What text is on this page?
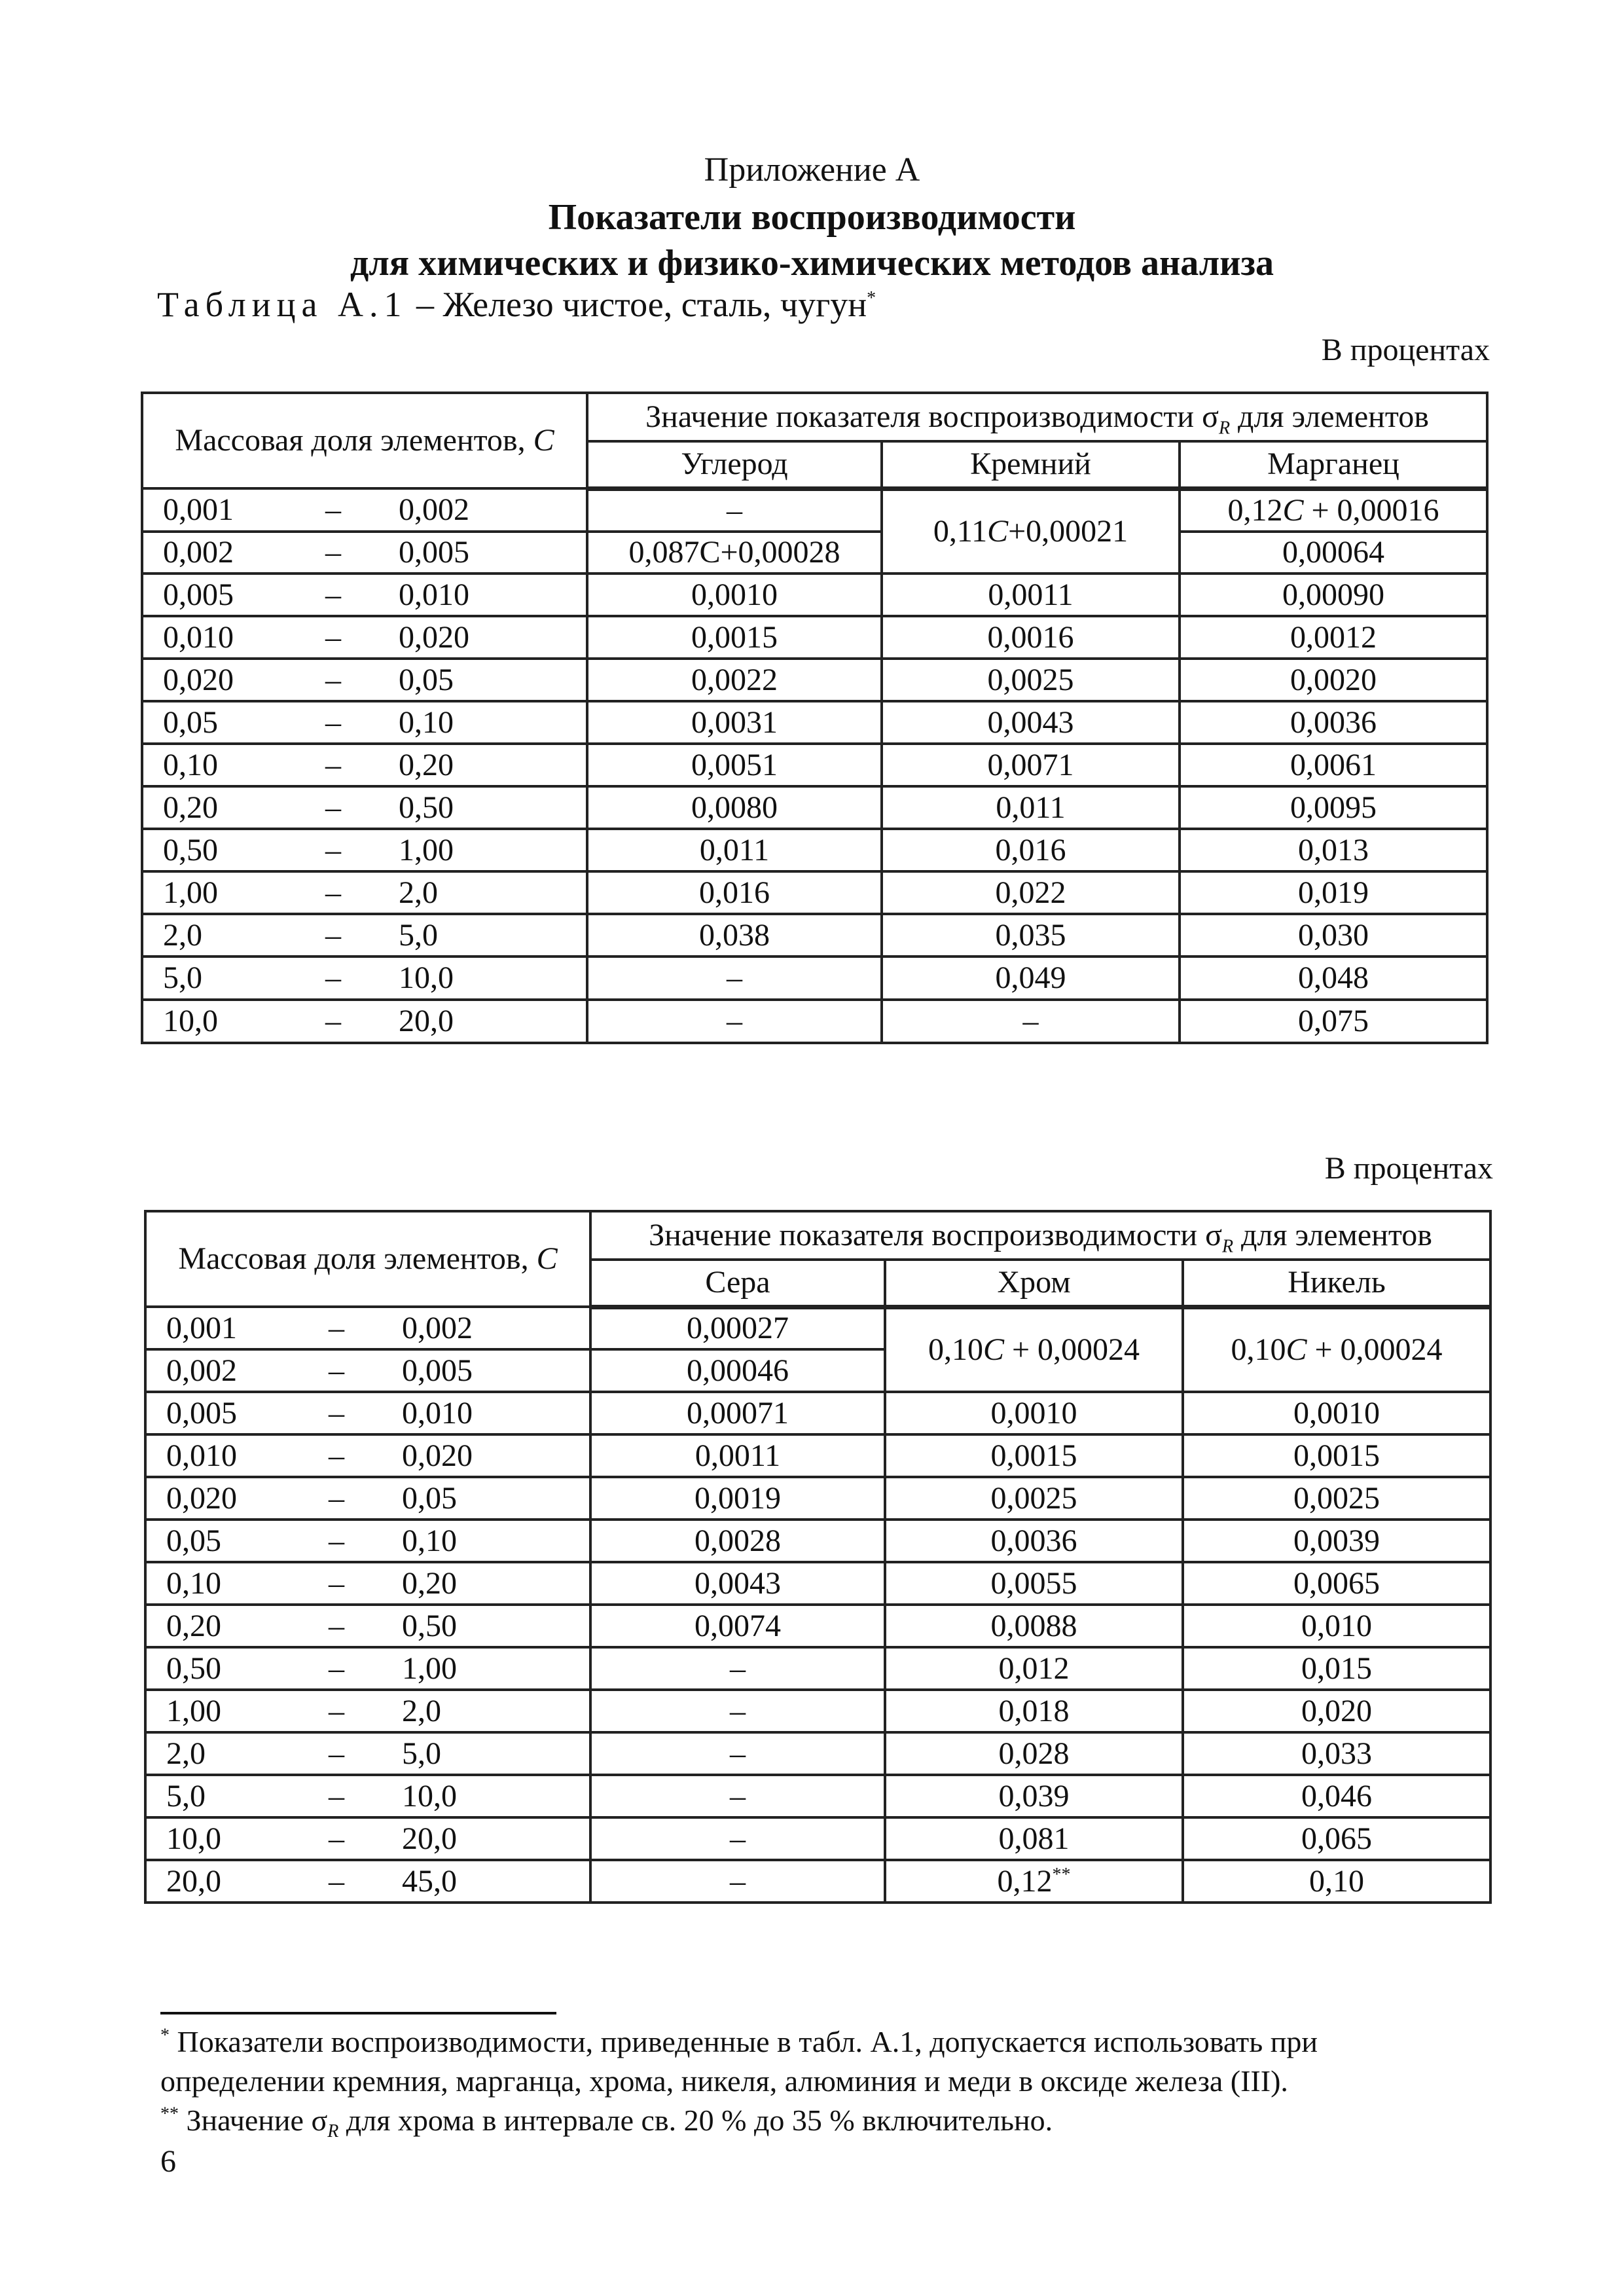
Приложение А
Показатели воспроизводимости
для химических и физико-химических методов анализа
Таблица А.1 – Железо чистое, сталь, чугун*
В процентах
Массовая доля элементов, C	Значение показателя воспроизводимости $\sigma_R$ для элементов		
	Углерод	Кремний	Марганец
0,001 – 0,002	–	0,11C+0,00021	0,12C + 0,00016
0,002 – 0,005	0,087C+0,00028		0,00064
0,005 – 0,010	0,0010	0,0011	0,00090
0,010 – 0,020	0,0015	0,0016	0,0012
0,020 – 0,05	0,0022	0,0025	0,0020
0,05 – 0,10	0,0031	0,0043	0,0036
0,10 – 0,20	0,0051	0,0071	0,0061
0,20 – 0,50	0,0080	0,011	0,0095
0,50 – 1,00	0,011	0,016	0,013
1,00 – 2,0	0,016	0,022	0,019
2,0 – 5,0	0,038	0,035	0,030
5,0 – 10,0	–	0,049	0,048
10,0 – 20,0	–	–	0,075
В процентах
Массовая доля элементов, C	Значение показателя воспроизводимости $\sigma_R$ для элементов		
	Сера	Хром	Никель
0,001 – 0,002	0,00027	0,10C + 0,00024	0,10C + 0,00024
0,002 – 0,005	0,00046		
0,005 – 0,010	0,00071	0,0010	0,0010
0,010 – 0,020	0,0011	0,0015	0,0015
0,020 – 0,05	0,0019	0,0025	0,0025
0,05 – 0,10	0,0028	0,0036	0,0039
0,10 – 0,20	0,0043	0,0055	0,0065
0,20 – 0,50	0,0074	0,0088	0,010
0,50 – 1,00	–	0,012	0,015
1,00 – 2,0	–	0,018	0,020
2,0 – 5,0	–	0,028	0,033
5,0 – 10,0	–	0,039	0,046
10,0 – 20,0	–	0,081	0,065
20,0 – 45,0	–	0,12**	0,10
* Показатели воспроизводимости, приведенные в табл. А.1, допускается использовать при
определении кремния, марганца, хрома, никеля, алюминия и меди в оксиде железа (III).
** Значение $\sigma_R$ для хрома в интервале св. 20 % до 35 % включительно.
6
